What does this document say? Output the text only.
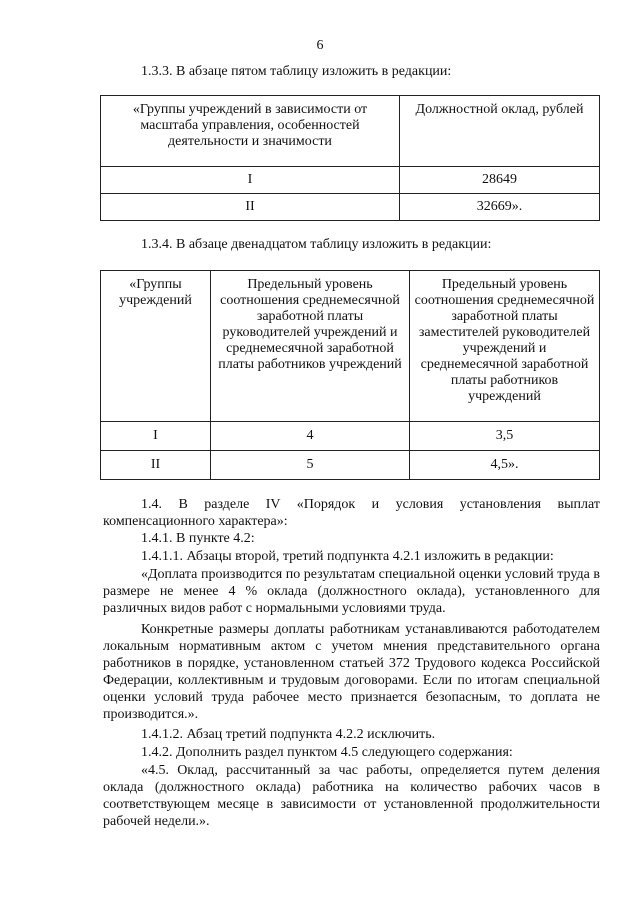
6
1.3.3. В абзаце пятом таблицу изложить в редакции:
«Группы учреждений в зависимости от масштаба управления, особенностей деятельности и значимости	Должностной оклад, рублей
I	28649
II	32669».
1.3.4. В абзаце двенадцатом таблицу изложить в редакции:
«Группы учреждений	Предельный уровень соотношения среднемесячной заработной платы руководителей учреждений и среднемесячной заработной платы работников учреждений	Предельный уровень соотношения среднемесячной заработной платы заместителей руководителей учреждений и среднемесячной заработной платы работников учреждений
I	4	3,5
II	5	4,5».
1.4. В разделе IV «Порядок и условия установления выплат компенсационного характера»:
1.4.1. В пункте 4.2:
1.4.1.1. Абзацы второй, третий подпункта 4.2.1 изложить в редакции:
«Доплата производится по результатам специальной оценки условий труда в размере не менее 4 % оклада (должностного оклада), установленного для различных видов работ с нормальными условиями труда.
Конкретные размеры доплаты работникам устанавливаются работодателем локальным нормативным актом с учетом мнения представительного органа работников в порядке, установленном статьей 372 Трудового кодекса Российской Федерации, коллективным и трудовым договорами. Если по итогам специальной оценки условий труда рабочее место признается безопасным, то доплата не производится.».
1.4.1.2. Абзац третий подпункта 4.2.2 исключить.
1.4.2. Дополнить раздел пунктом 4.5 следующего содержания:
«4.5. Оклад, рассчитанный за час работы, определяется путем деления оклада (должностного оклада) работника на количество рабочих часов в соответствующем месяце в зависимости от установленной продолжительности рабочей недели.».
